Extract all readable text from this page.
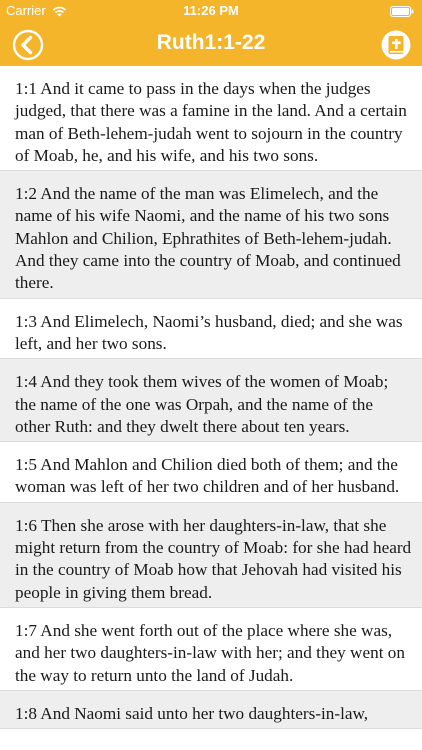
Carrier	11:26 PM
Ruth1:1-22
1:1 And it came to pass in the days when the judges judged, that there was a famine in the land. And a certain man of Beth-lehem-judah went to sojourn in the country of Moab, he, and his wife, and his two sons.
1:2 And the name of the man was Elimelech, and the name of his wife Naomi, and the name of his two sons Mahlon and Chilion, Ephrathites of Beth-lehem-judah. And they came into the country of Moab, and continued there.
1:3 And Elimelech, Naomi’s husband, died; and she was left, and her two sons.
1:4 And they took them wives of the women of Moab; the name of the one was Orpah, and the name of the other Ruth: and they dwelt there about ten years.
1:5 And Mahlon and Chilion died both of them; and the woman was left of her two children and of her husband.
1:6 Then she arose with her daughters-in-law, that she might return from the country of Moab: for she had heard in the country of Moab how that Jehovah had visited his people in giving them bread.
1:7 And she went forth out of the place where she was, and her two daughters-in-law with her; and they went on the way to return unto the land of Judah.
1:8 And Naomi said unto her two daughters-in-law,
